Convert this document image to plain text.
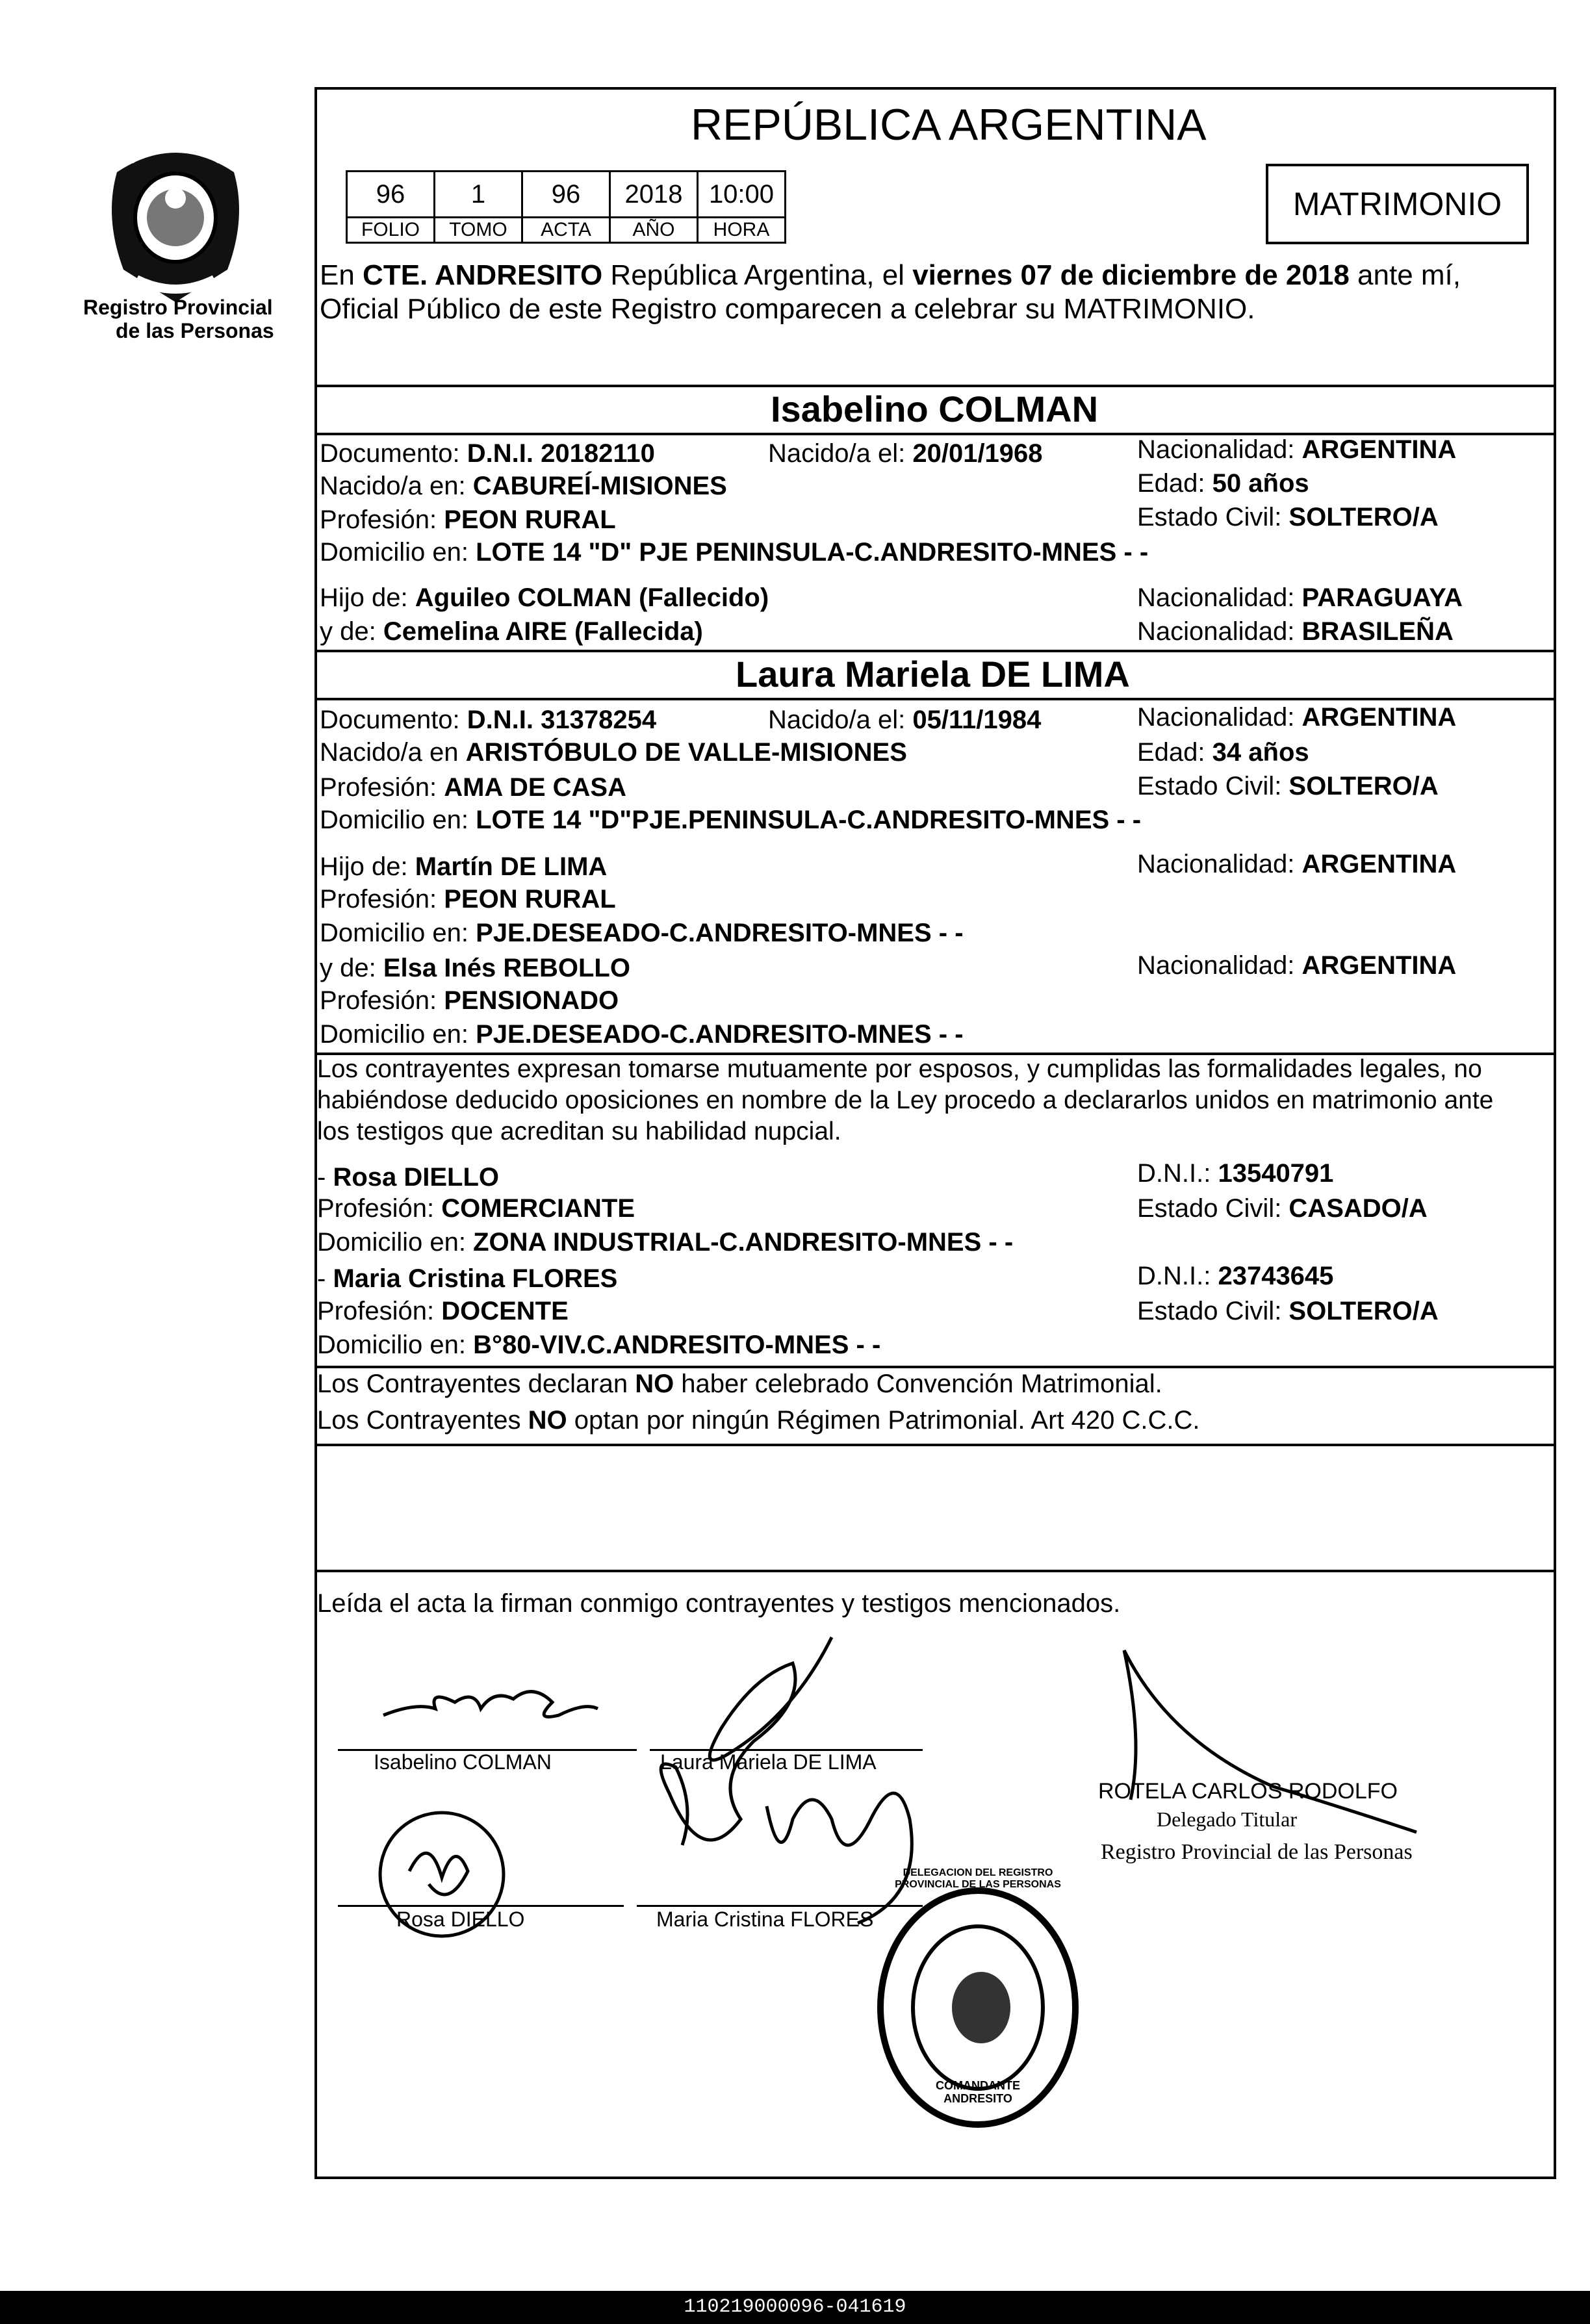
Registro Provincial
de las Personas
REPÚBLICA ARGENTINA
96	1	96	2018	10:00
FOLIO	TOMO	ACTA	AÑO	HORA
MATRIMONIO
En CTE. ANDRESITO República Argentina, el viernes 07 de diciembre de 2018 ante mí,
Oficial Público de este Registro comparecen a celebrar su MATRIMONIO.
Isabelino COLMAN
Documento: D.N.I. 20182110	Nacido/a el: 20/01/1968	Nacionalidad: ARGENTINA
Nacido/a en: CABUREÍ-MISIONES	Edad: 50 años
Profesión: PEON RURAL	Estado Civil: SOLTERO/A
Domicilio en: LOTE 14 "D" PJE PENINSULA-C.ANDRESITO-MNES - -
Hijo de: Aguileo COLMAN (Fallecido)	Nacionalidad: PARAGUAYA
y de: Cemelina AIRE (Fallecida)	Nacionalidad: BRASILEÑA
Laura Mariela DE LIMA
Documento: D.N.I. 31378254	Nacido/a el: 05/11/1984	Nacionalidad: ARGENTINA
Nacido/a en ARISTÓBULO DE VALLE-MISIONES	Edad: 34 años
Profesión: AMA DE CASA	Estado Civil: SOLTERO/A
Domicilio en: LOTE 14 "D"PJE.PENINSULA-C.ANDRESITO-MNES - -
Hijo de: Martín DE LIMA	Nacionalidad: ARGENTINA
Profesión: PEON RURAL
Domicilio en: PJE.DESEADO-C.ANDRESITO-MNES - -
y de: Elsa Inés REBOLLO	Nacionalidad: ARGENTINA
Profesión: PENSIONADO
Domicilio en: PJE.DESEADO-C.ANDRESITO-MNES - -
Los contrayentes expresan tomarse mutuamente por esposos, y cumplidas las formalidades legales, no
habiéndose deducido oposiciones en nombre de la Ley procedo a declararlos unidos en matrimonio ante
los testigos que acreditan su habilidad nupcial.
- Rosa DIELLO	D.N.I.: 13540791
Profesión: COMERCIANTE	Estado Civil: CASADO/A
Domicilio en: ZONA INDUSTRIAL-C.ANDRESITO-MNES - -
- Maria Cristina FLORES	D.N.I.: 23743645
Profesión: DOCENTE	Estado Civil: SOLTERO/A
Domicilio en: B°80-VIV.C.ANDRESITO-MNES - -
Los Contrayentes declaran NO haber celebrado Convención Matrimonial.
Los Contrayentes NO optan por ningún Régimen Patrimonial. Art 420 C.C.C.
Leída el acta la firman conmigo contrayentes y testigos mencionados.
Isabelino COLMAN	Laura Mariela DE LIMA
Rosa DIELLO	Maria Cristina FLORES
ROTELA CARLOS RODOLFO
Delegado Titular
Registro Provincial de las Personas
DELEGACION DEL REGISTRO PROVINCIAL DE LAS PERSONAS
COMANDANTE ANDRESITO
110219000096-041619
